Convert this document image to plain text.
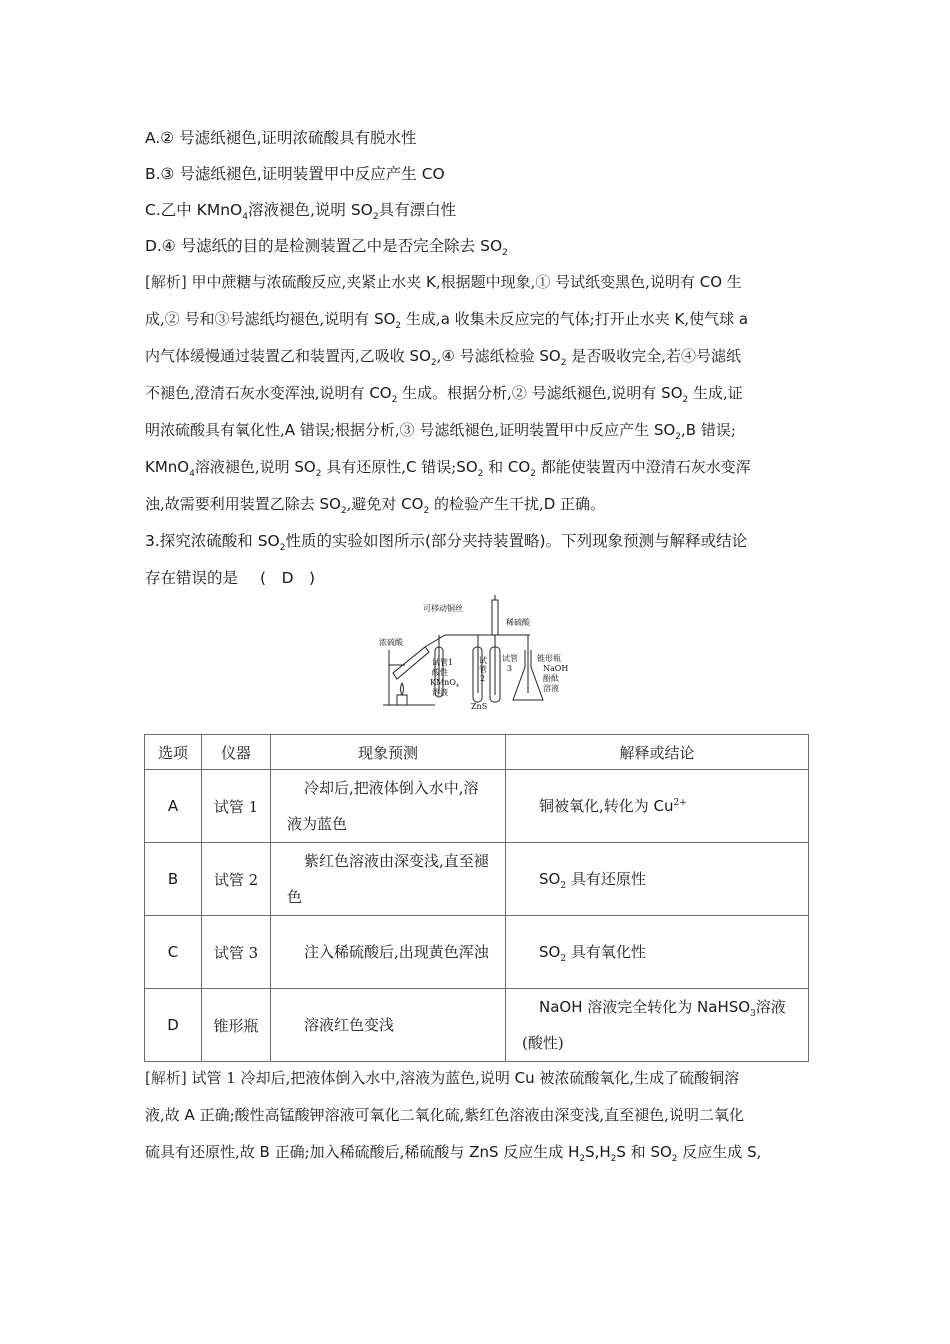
A.② 号滤纸褪色,证明浓硫酸具有脱水性
B.③ 号滤纸褪色,证明装置甲中反应产生 CO
C.乙中 KMnO$_4$溶液褪色,说明 $SO_2$具有漂白性
D.④ 号滤纸的目的是检测装置乙中是否完全除去 $SO_2$
[解析] 甲中蔗糖与浓硫酸反应,夹紧止水夹 K,根据题中现象,① 号试纸变黑色,说明有 CO 生
成,② 号和③号滤纸均褪色,说明有 $SO_2$ 生成,a 收集未反应完的气体;打开止水夹 K,使气球 a
内气体缓慢通过装置乙和装置丙,乙吸收 $SO_2,④$ 号滤纸检验 $SO_2$ 是否吸收完全,若④号滤纸
不褪色,澄清石灰水变浑浊,说明有 $CO_2$ 生成。根据分析,② 号滤纸褪色,说明有 $SO_2$ 生成,证
明浓硫酸具有氧化性,A 错误;根据分析,③ 号滤纸褪色,证明装置甲中反应产生 $SO_2,B$ 错误;
KMnO$_4$溶液褪色,说明 $SO_2$ 具有还原性,C 错误$;SO_2$ 和 $CO_2$ 都能使装置丙中澄清石灰水变浑
浊,故需要利用装置乙除去 $SO_2$,避免对 $CO_2$ 的检验产生干扰,D 正确。
3.探究浓硫酸和 $SO_2$性质的实验如图所示(部分夹持装置略)。下列现象预测与解释或结论
存在错误的是 (　D　)
浓硫酸
可移动铜丝
稀硫酸
试管1
酸性
KMnO$_4$
溶液
试
管
2
试管
3
锥形瓶
NaOH
酚酞
溶液
ZnS
选项	仪器	现象预测	解释或结论
A	试管 1	冷却后,把液体倒入水中,溶液为蓝色	铜被氧化,转化为 $Cu^{2+}$

B	试管 2	紫红色溶液由深变浅,直至褪色	$SO_2$ 具有还原性

C	试管 3	注入稀硫酸后,出现黄色浑浊	$SO_2$ 具有氧化性

D	锥形瓶	溶液红色变浅	NaOH 溶液完全转化为 NaHSO$_3$溶液(酸性)
[解析] 试管 1 冷却后,把液体倒入水中,溶液为蓝色,说明 Cu 被浓硫酸氧化,生成了硫酸铜溶
液,故 A 正确;酸性高锰酸钾溶液可氧化二氧化硫,紫红色溶液由深变浅,直至褪色,说明二氧化
硫具有还原性,故 B 正确;加入稀硫酸后,稀硫酸与 ZnS 反应生成 $H_2S,H_2S$ 和 $SO_2$ 反应生成 S,
